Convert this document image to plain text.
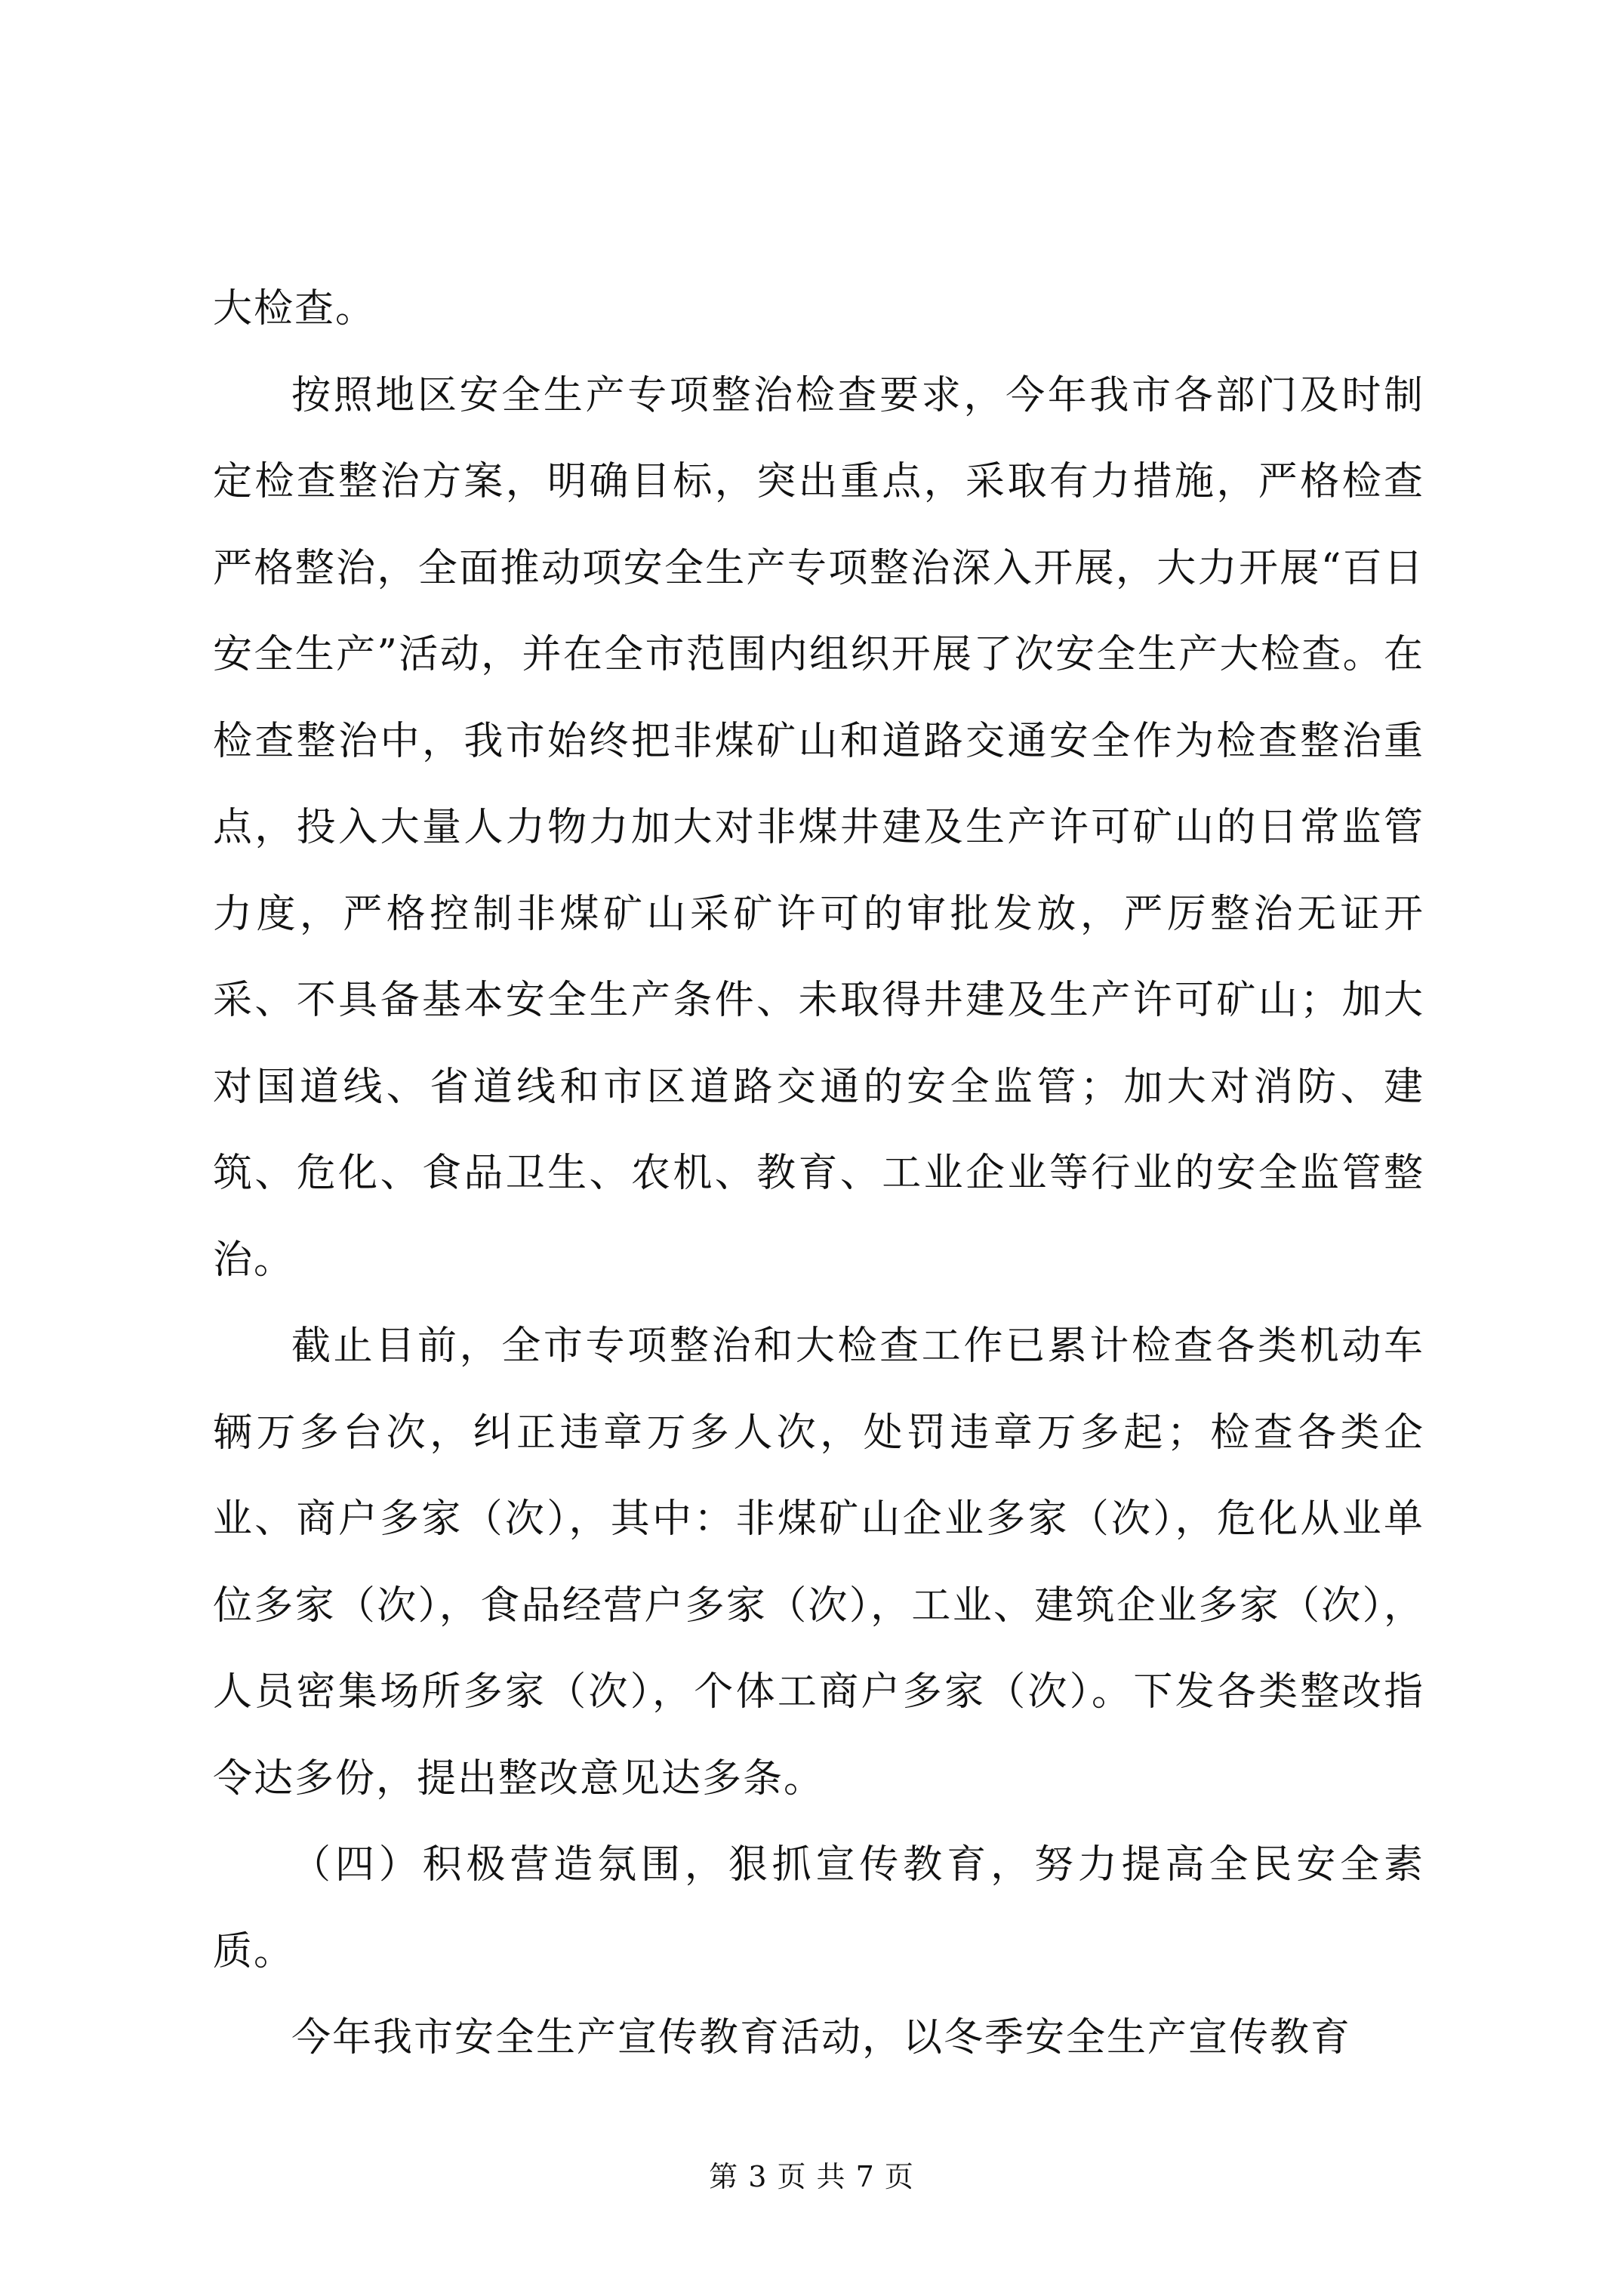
大检查。

按照地区安全生产专项整治检查要求，今年我市各部门及时制定检查整治方案，明确目标，突出重点，采取有力措施，严格检查严格整治，全面推动项安全生产专项整治深入开展，大力开展“百日安全生产”活动，并在全市范围内组织开展了次安全生产大检查。在检查整治中，我市始终把非煤矿山和道路交通安全作为检查整治重点，投入大量人力物力加大对非煤井建及生产许可矿山的日常监管力度，严格控制非煤矿山采矿许可的审批发放，严厉整治无证开采、不具备基本安全生产条件、未取得井建及生产许可矿山；加大对国道线、省道线和市区道路交通的安全监管；加大对消防、建筑、危化、食品卫生、农机、教育、工业企业等行业的安全监管整治。

截止目前，全市专项整治和大检查工作已累计检查各类机动车辆万多台次，纠正违章万多人次，处罚违章万多起；检查各类企业、商户多家（次），其中：非煤矿山企业多家（次），危化从业单位多家（次），食品经营户多家（次），工业、建筑企业多家（次），人员密集场所多家（次），个体工商户多家（次）。下发各类整改指令达多份，提出整改意见达多条。

（四）积极营造氛围，狠抓宣传教育，努力提高全民安全素质。

今年我市安全生产宣传教育活动，以冬季安全生产宣传教育

第 3 页 共 7 页
